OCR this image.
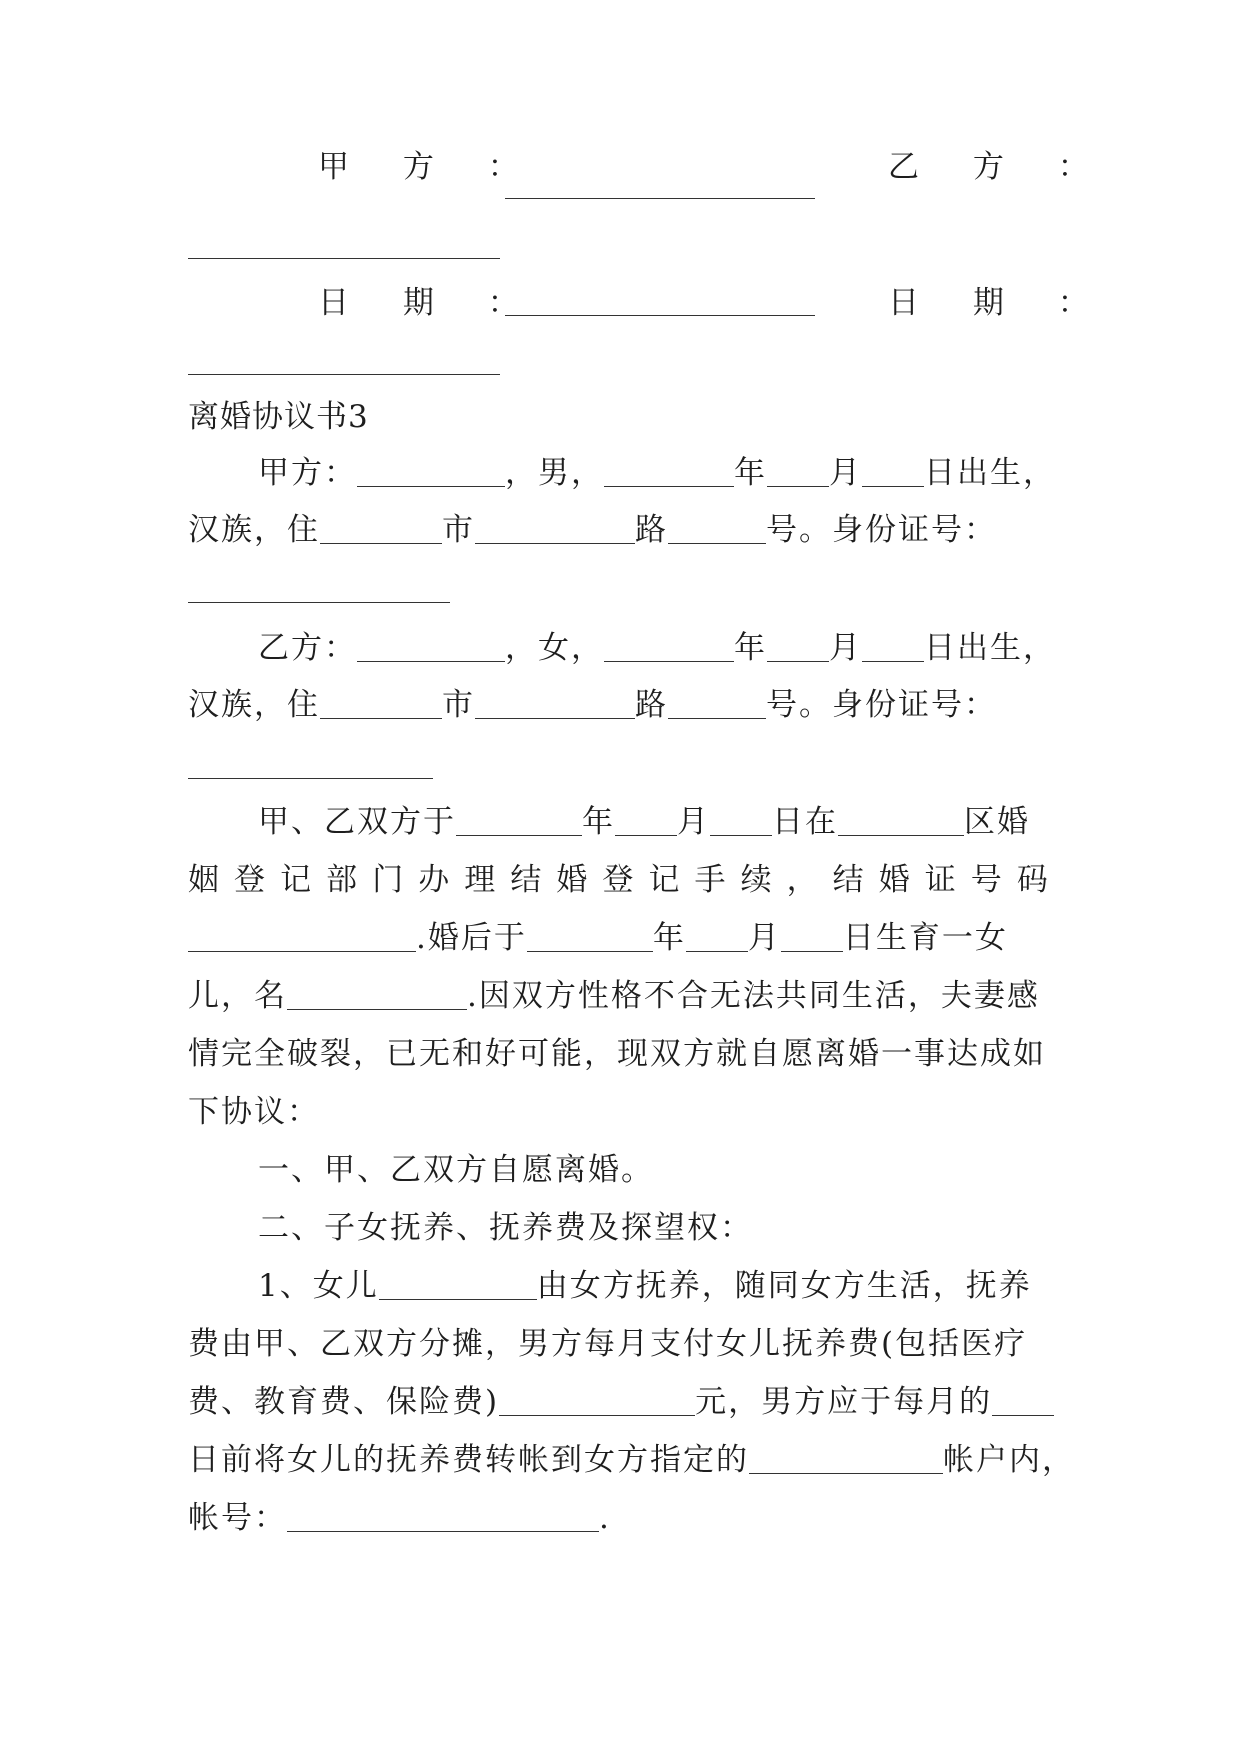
甲 方 ：	乙 方 ：
日 期 ：	日 期 ：
离婚协议书3
甲方：	，男，	年 月 日出生，
汉族，住	市	路	号。身份证号：
乙方：	，女，	年 月 日出生，
汉族，住	市	路	号。身份证号：
甲、乙双方于	年 月 日在	区婚
姻 登 记 部 门 办 理 结 婚 登 记 手 续 ， 结 婚 证 号 码
.婚后于	年 月 日生育一女
儿，名	.因双方性格不合无法共同生活，夫妻感
情完全破裂，已无和好可能，现双方就自愿离婚一事达成如
下协议：
一、甲、乙双方自愿离婚。
二、子女抚养、抚养费及探望权：
1、女儿	由女方抚养，随同女方生活，抚养
费由甲、乙双方分摊，男方每月支付女儿抚养费(包括医疗
费、教育费、保险费)	元，男方应于每月的
日前将女儿的抚养费转帐到女方指定的	帐户内，
帐号：	.
